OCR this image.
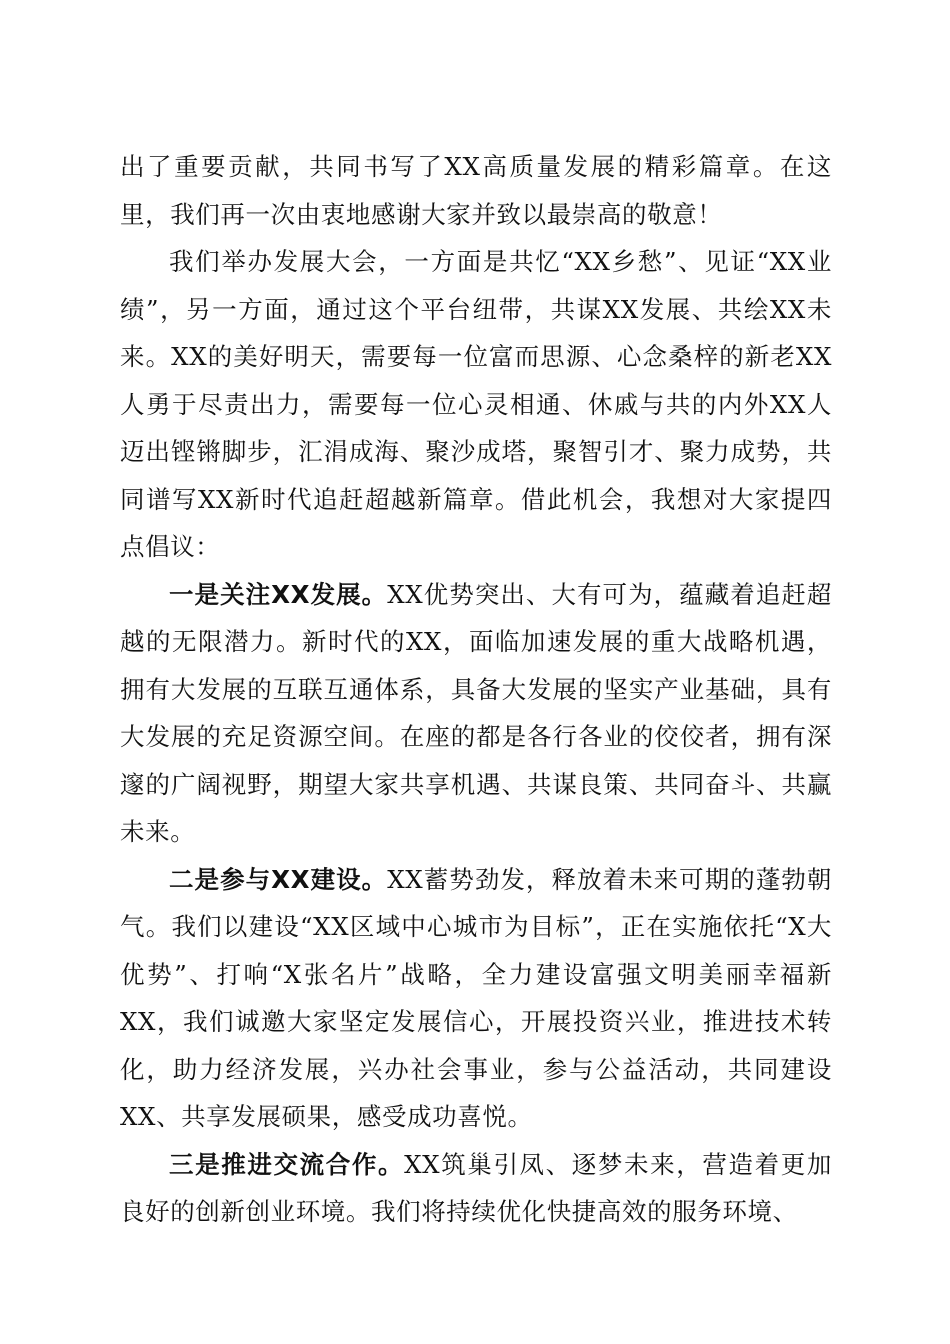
出了重要贡献，共同书写了XX高质量发展的精彩篇章。在这里，我们再一次由衷地感谢大家并致以最崇高的敬意！

我们举办发展大会，一方面是共忆“XX乡愁”、见证“XX业绩”，另一方面，通过这个平台纽带，共谋XX发展、共绘XX未来。XX的美好明天，需要每一位富而思源、心念桑梓的新老XX人勇于尽责出力，需要每一位心灵相通、休戚与共的内外XX人迈出铿锵脚步，汇涓成海、聚沙成塔，聚智引才、聚力成势，共同谱写XX新时代追赶超越新篇章。借此机会，我想对大家提四点倡议：

一是关注XX发展。XX优势突出、大有可为，蕴藏着追赶超越的无限潜力。新时代的XX，面临加速发展的重大战略机遇，拥有大发展的互联互通体系，具备大发展的坚实产业基础，具有大发展的充足资源空间。在座的都是各行各业的佼佼者，拥有深邃的广阔视野，期望大家共享机遇、共谋良策、共同奋斗、共赢未来。

二是参与XX建设。XX蓄势劲发，释放着未来可期的蓬勃朝气。我们以建设“XX区域中心城市为目标”，正在实施依托“X大优势”、打响“X张名片”战略，全力建设富强文明美丽幸福新XX，我们诚邀大家坚定发展信心，开展投资兴业，推进技术转化，助力经济发展，兴办社会事业，参与公益活动，共同建设XX、共享发展硕果，感受成功喜悦。

三是推进交流合作。XX筑巢引凤、逐梦未来，营造着更加良好的创新创业环境。我们将持续优化快捷高效的服务环境、
